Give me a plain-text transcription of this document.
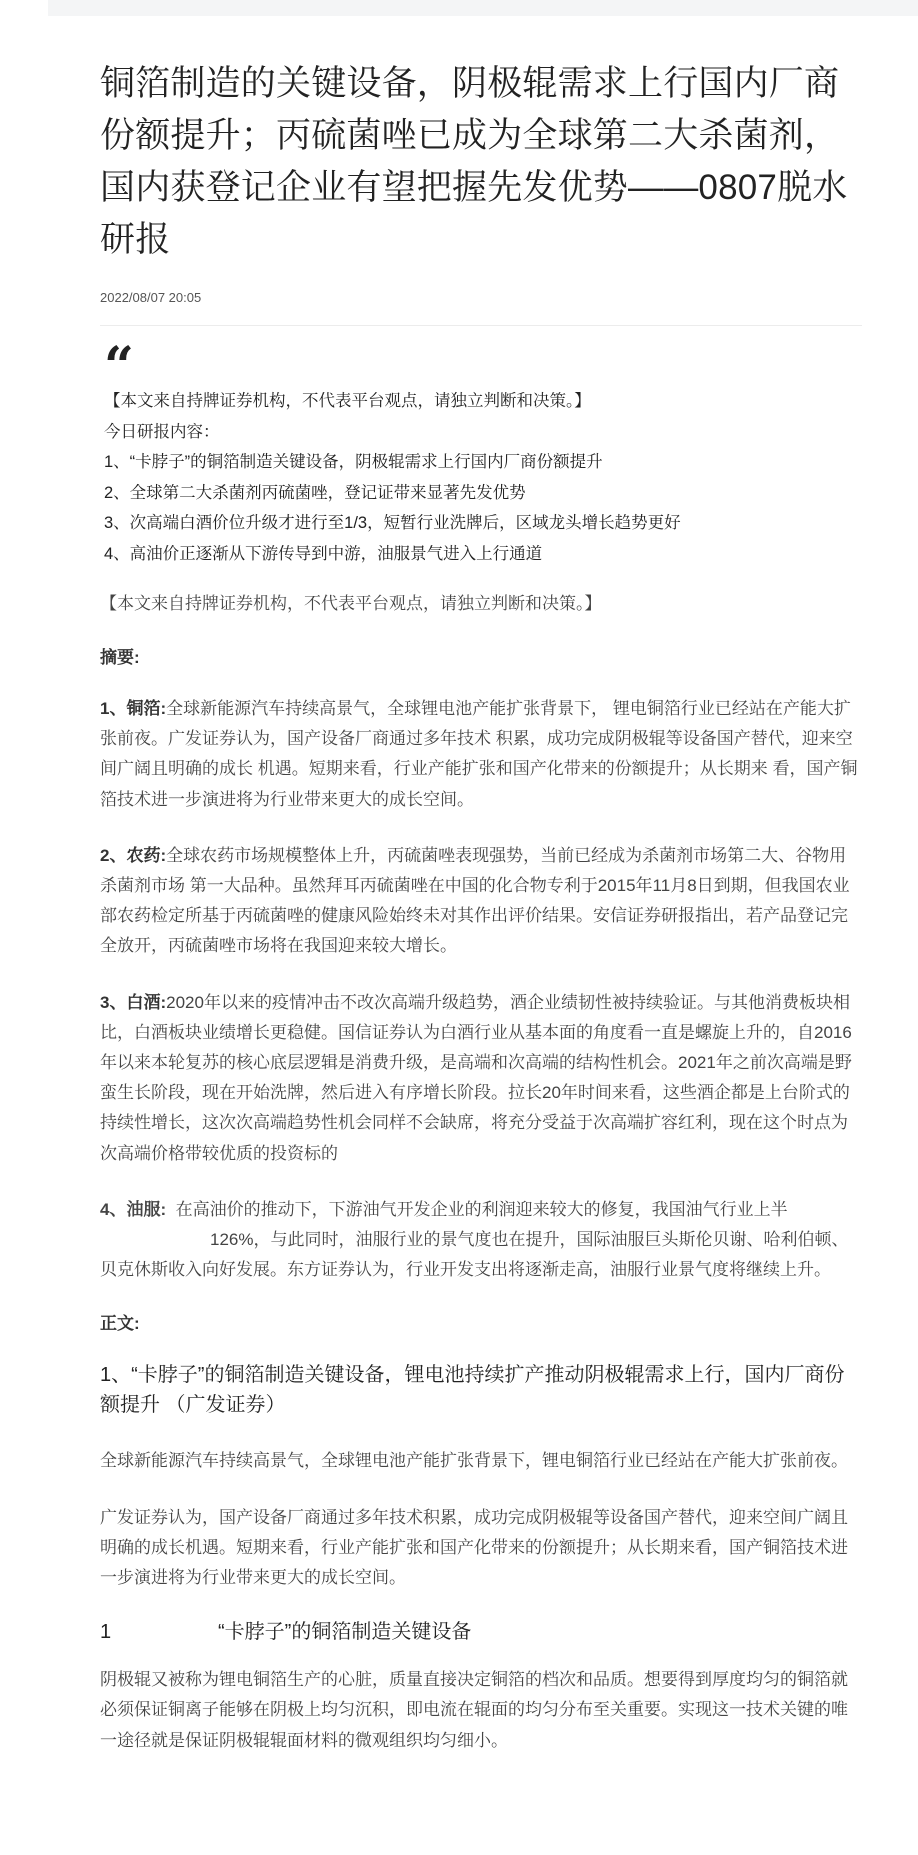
铜箔制造的关键设备，阴极辊需求上行国内厂商份额提升；丙硫菌唑已成为全球第二大杀菌剂，国内获登记企业有望把握先发优势——0807脱水研报
2022/08/07 20:05
“
【本文来自持牌证券机构，不代表平台观点，请独立判断和决策。】
今日研报内容：
1、“卡脖子”的铜箔制造关键设备，阴极辊需求上行国内厂商份额提升
2、全球第二大杀菌剂丙硫菌唑，登记证带来显著先发优势
3、次高端白酒价位升级才进行至1/3，短暂行业洗牌后，区域龙头增长趋势更好
4、高油价正逐渐从下游传导到中游，油服景气进入上行通道
【本文来自持牌证券机构，不代表平台观点，请独立判断和决策。】
摘要:
1、铜箔:全球新能源汽车持续高景气，全球锂电池产能扩张背景下， 锂电铜箔行业已经站在产能大扩张前夜。广发证券认为，国产设备厂商通过多年技术 积累，成功完成阴极辊等设备国产替代，迎来空间广阔且明确的成长 机遇。短期来看，行业产能扩张和国产化带来的份额提升；从长期来 看，国产铜箔技术进一步演进将为行业带来更大的成长空间。
2、农药:全球农药市场规模整体上升，丙硫菌唑表现强势，当前已经成为杀菌剂市场第二大、谷物用杀菌剂市场 第一大品种。虽然拜耳丙硫菌唑在中国的化合物专利于2015年11月8日到期，但我国农业部农药检定所基于丙硫菌唑的健康风险始终未对其作出评价结果。安信证券研报指出，若产品登记完全放开，丙硫菌唑市场将在我国迎来较大增长。
3、白酒:2020年以来的疫情冲击不改次高端升级趋势，酒企业绩韧性被持续验证。与其他消费板块相比，白酒板块业绩增长更稳健。国信证券认为白酒行业从基本面的角度看一直是螺旋上升的，自2016年以来本轮复苏的核心底层逻辑是消费升级，是高端和次高端的结构性机会。2021年之前次高端是野蛮生长阶段，现在开始洗牌，然后进入有序增长阶段。拉长20年时间来看，这些酒企都是上台阶式的持续性增长，这次次高端趋势性机会同样不会缺席，将充分受益于次高端扩容红利，现在这个时点为次高端价格带较优质的投资标的
4、油服: 在高油价的推动下，下游油气开发企业的利润迎来较大的修复，我国油气行业上半
126%，与此同时，油服行业的景气度也在提升，国际油服巨头斯伦贝谢、哈利伯顿、贝克休斯收入向好发展。东方证券认为，行业开发支出将逐渐走高，油服行业景气度将继续上升。
正文:
1、“卡脖子”的铜箔制造关键设备，锂电池持续扩产推动阴极辊需求上行，国内厂商份额提升 （广发证券）
全球新能源汽车持续高景气，全球锂电池产能扩张背景下，锂电铜箔行业已经站在产能大扩张前夜。
广发证券认为，国产设备厂商通过多年技术积累，成功完成阴极辊等设备国产替代，迎来空间广阔且明确的成长机遇。短期来看，行业产能扩张和国产化带来的份额提升；从长期来看，国产铜箔技术进一步演进将为行业带来更大的成长空间。
1	“卡脖子”的铜箔制造关键设备
阴极辊又被称为锂电铜箔生产的心脏，质量直接决定铜箔的档次和品质。想要得到厚度均匀的铜箔就必须保证铜离子能够在阴极上均匀沉积，即电流在辊面的均匀分布至关重要。实现这一技术关键的唯一途径就是保证阴极辊辊面材料的微观组织均匀细小。
